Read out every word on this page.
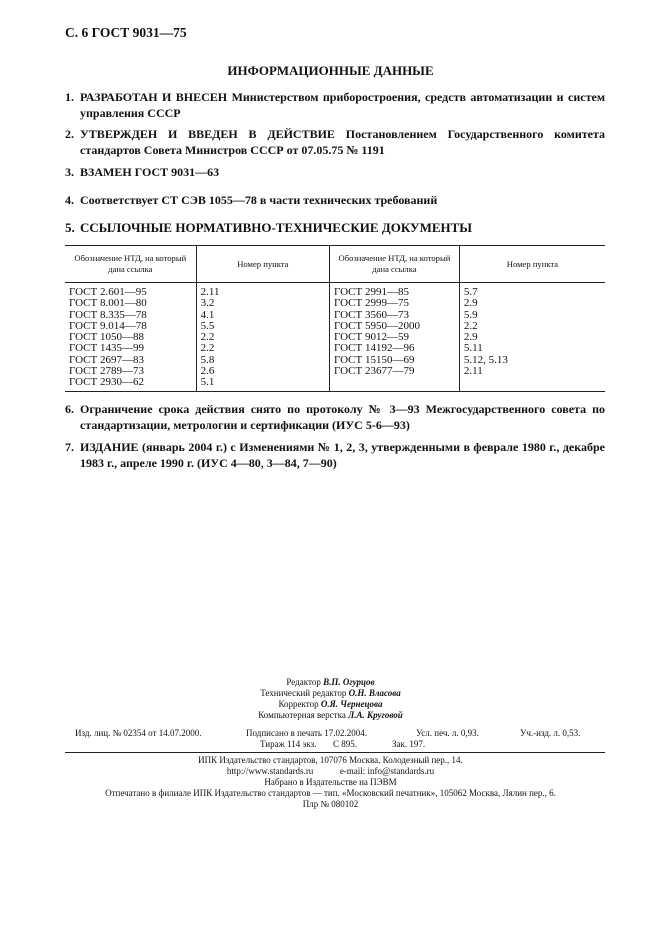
С. 6 ГОСТ 9031—75
ИНФОРМАЦИОННЫЕ ДАННЫЕ
1. РАЗРАБОТАН И ВНЕСЕН Министерством приборостроения, средств автоматизации и систем управления СССР
2. УТВЕРЖДЕН И ВВЕДЕН В ДЕЙСТВИЕ Постановлением Государственного комитета стандартов Совета Министров СССР от 07.05.75 № 1191
3. ВЗАМЕН ГОСТ 9031—63
4. Соответствует СТ СЭВ 1055—78 в части технических требований
5. ССЫЛОЧНЫЕ НОРМАТИВНО-ТЕХНИЧЕСКИЕ ДОКУМЕНТЫ
Обозначение НТД, на который дана ссылка	Номер пункта	Обозначение НТД, на который дана ссылка	Номер пункта
ГОСТ 2.601—95	2.11	ГОСТ 2991—85	5.7
ГОСТ 8.001—80	3.2	ГОСТ 2999—75	2.9
ГОСТ 8.335—78	4.1	ГОСТ 3560—73	5.9
ГОСТ 9.014—78	5.5	ГОСТ 5950—2000	2.2
ГОСТ 1050—88	2.2	ГОСТ 9012—59	2.9
ГОСТ 1435—99	2.2	ГОСТ 14192—96	5.11
ГОСТ 2697—83	5.8	ГОСТ 15150—69	5.12, 5.13
ГОСТ 2789—73	2.6	ГОСТ 23677—79	2.11
ГОСТ 2930—62	5.1		
6. Ограничение срока действия снято по протоколу № 3—93 Межгосударственного совета по стандартизации, метрологии и сертификации (ИУС 5-6—93)
7. ИЗДАНИЕ (январь 2004 г.) с Изменениями № 1, 2, 3, утвержденными в феврале 1980 г., декабре 1983 г., апреле 1990 г. (ИУС 4—80, 3—84, 7—90)
Редактор В.П. Огурцов
Технический редактор О.Н. Власова
Корректор О.Я. Чернецова
Компьютерная верстка Л.А. Круговой
Изд. лиц. № 02354 от 14.07.2000.	Подписано в печать 17.02.2004.	Усл. печ. л. 0,93.	Уч.-изд. л. 0,53.
Тираж 114 экз. С 895.	Зак. 197.
ИПК Издательство стандартов, 107076 Москва, Колодезный пер., 14.
http://www.standards.ru	e-mail: info@standards.ru
Набрано в Издательстве на ПЭВМ
Отпечатано в филиале ИПК Издательство стандартов — тип. «Московский печатник», 105062 Москва, Лялин пер., 6.
Плр № 080102
